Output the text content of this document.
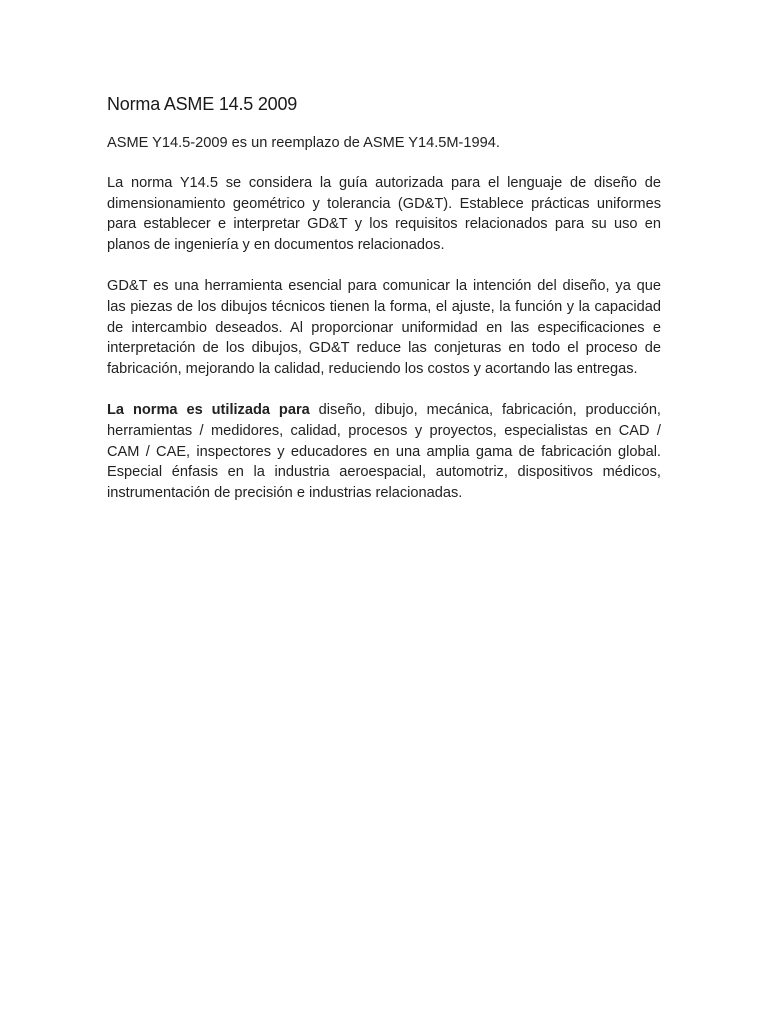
Norma ASME 14.5 2009

ASME Y14.5-2009 es un reemplazo de ASME Y14.5M-1994.

La norma Y14.5 se considera la guía autorizada para el lenguaje de diseño de dimensionamiento geométrico y tolerancia (GD&T). Establece prácticas uniformes para establecer e interpretar GD&T y los requisitos relacionados para su uso en planos de ingeniería y en documentos relacionados.

GD&T es una herramienta esencial para comunicar la intención del diseño, ya que las piezas de los dibujos técnicos tienen la forma, el ajuste, la función y la capacidad de intercambio deseados. Al proporcionar uniformidad en las especificaciones e interpretación de los dibujos, GD&T reduce las conjeturas en todo el proceso de fabricación, mejorando la calidad, reduciendo los costos y acortando las entregas.

La norma es utilizada para diseño, dibujo, mecánica, fabricación, producción, herramientas / medidores, calidad, procesos y proyectos, especialistas en CAD / CAM / CAE, inspectores y educadores en una amplia gama de fabricación global. Especial énfasis en la industria aeroespacial, automotriz, dispositivos médicos, instrumentación de precisión e industrias relacionadas.
